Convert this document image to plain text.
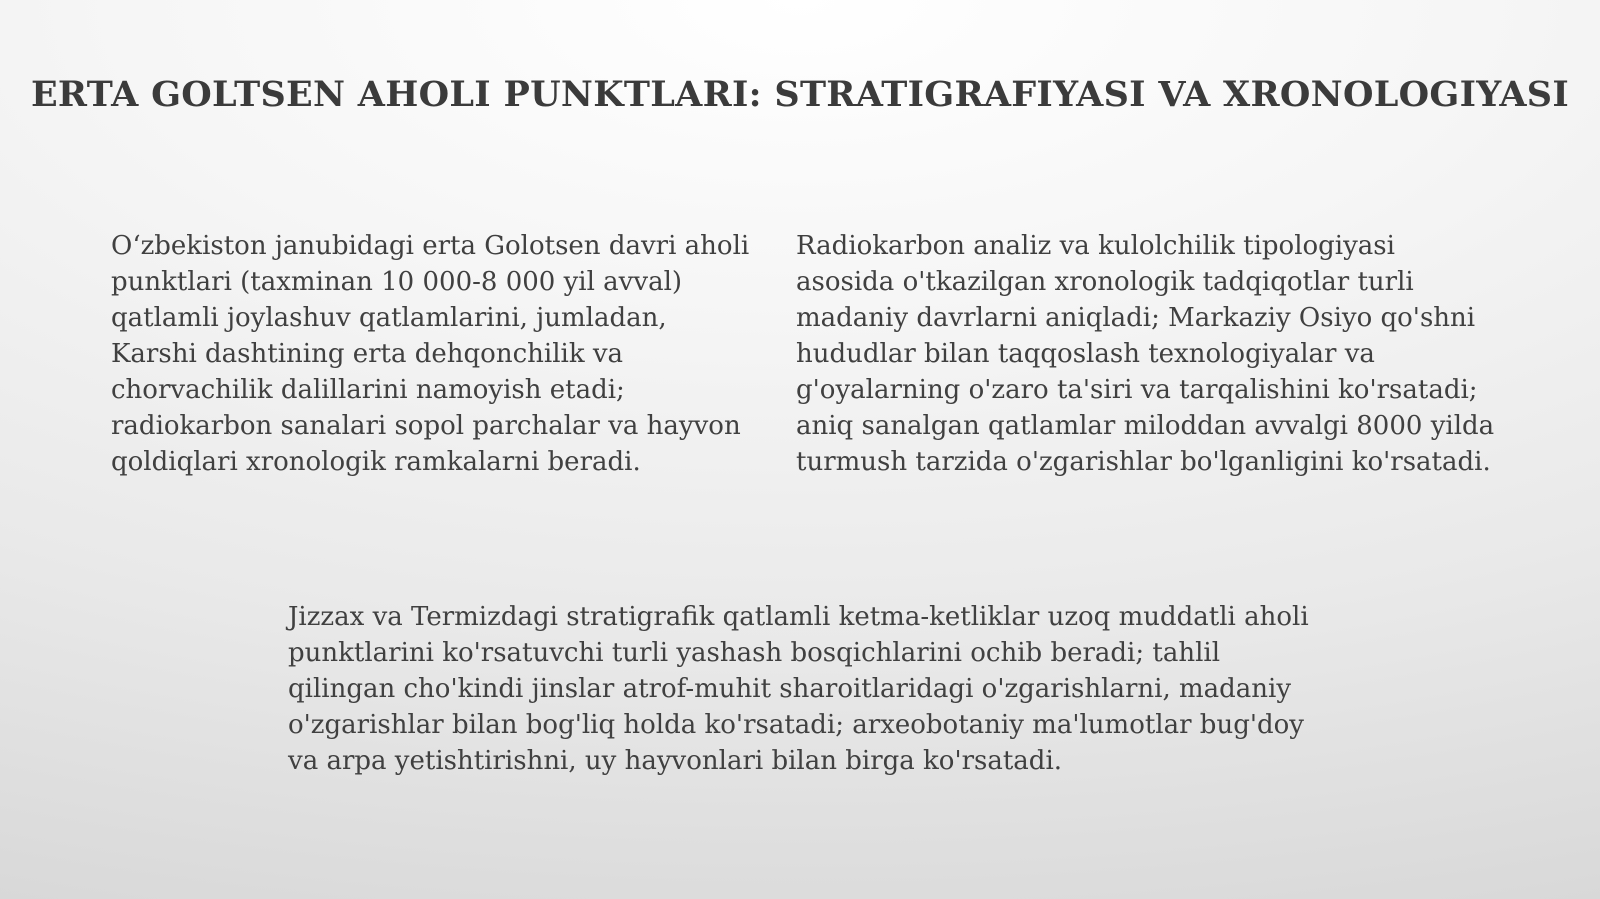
ERTA GOLTSEN AHOLI PUNKTLARI: STRATIGRAFIYASI VA XRONOLOGIYASI

O‘zbekiston janubidagi erta Golotsen davri aholi punktlari (taxminan 10 000-8 000 yil avval) qatlamli joylashuv qatlamlarini, jumladan, Karshi dashtining erta dehqonchilik va chorvachilik dalillarini namoyish etadi; radiokarbon sanalari sopol parchalar va hayvon qoldiqlari xronologik ramkalarni beradi.

Radiokarbon analiz va kulolchilik tipologiyasi asosida o'tkazilgan xronologik tadqiqotlar turli madaniy davrlarni aniqladi; Markaziy Osiyo qo'shni hududlar bilan taqqoslash texnologiyalar va g'oyalarning o'zaro ta'siri va tarqalishini ko'rsatadi; aniq sanalgan qatlamlar miloddan avvalgi 8000 yilda turmush tarzida o'zgarishlar bo'lganligini ko'rsatadi.

Jizzax va Termizdagi stratigrafik qatlamli ketma-ketliklar uzoq muddatli aholi punktlarini ko'rsatuvchi turli yashash bosqichlarini ochib beradi; tahlil qilingan cho'kindi jinslar atrof-muhit sharoitlaridagi o'zgarishlarni, madaniy o'zgarishlar bilan bog'liq holda ko'rsatadi; arxeobotaniy ma'lumotlar bug'doy va arpa yetishtirishni, uy hayvonlari bilan birga ko'rsatadi.
